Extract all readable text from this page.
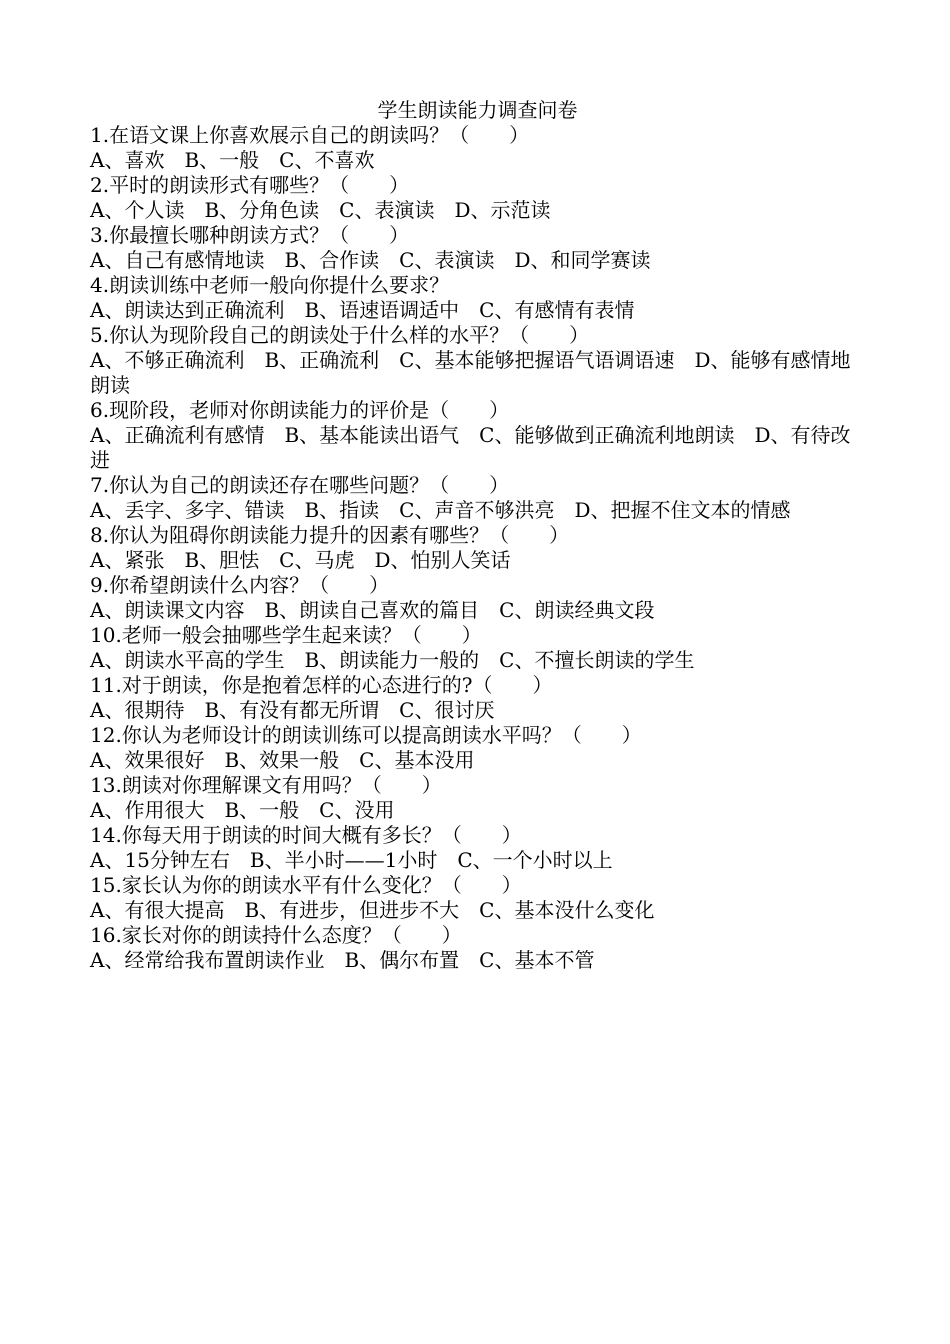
学生朗读能力调查问卷
1.在语文课上你喜欢展示自己的朗读吗？（　　）
A、喜欢　B、一般　C、不喜欢
2.平时的朗读形式有哪些？（　　）
A、个人读　B、分角色读　C、表演读　D、示范读
3.你最擅长哪种朗读方式？（　　）
A、自己有感情地读　B、合作读　C、表演读　D、和同学赛读
4.朗读训练中老师一般向你提什么要求？
A、朗读达到正确流利　B、语速语调适中　C、有感情有表情
5.你认为现阶段自己的朗读处于什么样的水平？（　　）
A、不够正确流利　B、正确流利　C、基本能够把握语气语调语速　D、能够有感情地朗读
6.现阶段，老师对你朗读能力的评价是（　　）
A、正确流利有感情　B、基本能读出语气　C、能够做到正确流利地朗读　D、有待改进
7.你认为自己的朗读还存在哪些问题？（　　）
A、丢字、多字、错读　B、指读　C、声音不够洪亮　D、把握不住文本的情感
8.你认为阻碍你朗读能力提升的因素有哪些？（　　）
A、紧张　B、胆怯　C、马虎　D、怕别人笑话
9.你希望朗读什么内容？（　　）
A、朗读课文内容　B、朗读自己喜欢的篇目　C、朗读经典文段
10.老师一般会抽哪些学生起来读？（　　）
A、朗读水平高的学生　B、朗读能力一般的　C、不擅长朗读的学生
11.对于朗读，你是抱着怎样的心态进行的?（　　）
A、很期待　B、有没有都无所谓　C、很讨厌
12.你认为老师设计的朗读训练可以提高朗读水平吗？（　　）
A、效果很好　B、效果一般　C、基本没用
13.朗读对你理解课文有用吗？（　　）
A、作用很大　B、一般　C、没用
14.你每天用于朗读的时间大概有多长？（　　）
A、15分钟左右　B、半小时——1小时　C、一个小时以上
15.家长认为你的朗读水平有什么变化？（　　）
A、有很大提高　B、有进步，但进步不大　C、基本没什么变化
16.家长对你的朗读持什么态度？（　　）
A、经常给我布置朗读作业　B、偶尔布置　C、基本不管
